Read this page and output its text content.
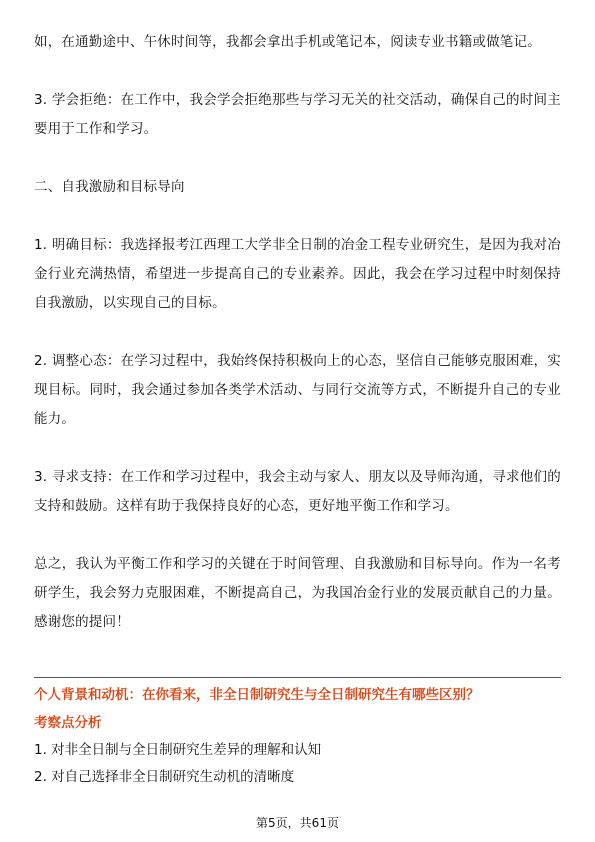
如，在通勤途中、午休时间等，我都会拿出手机或笔记本，阅读专业书籍或做笔记。

3. 学会拒绝：在工作中，我会学会拒绝那些与学习无关的社交活动，确保自己的时间主要用于工作和学习。

二、自我激励和目标导向

1. 明确目标：我选择报考江西理工大学非全日制的冶金工程专业研究生，是因为我对冶金行业充满热情，希望进一步提高自己的专业素养。因此，我会在学习过程中时刻保持自我激励，以实现自己的目标。

2. 调整心态：在学习过程中，我始终保持积极向上的心态，坚信自己能够克服困难，实现目标。同时，我会通过参加各类学术活动、与同行交流等方式，不断提升自己的专业能力。

3. 寻求支持：在工作和学习过程中，我会主动与家人、朋友以及导师沟通，寻求他们的支持和鼓励。这样有助于我保持良好的心态，更好地平衡工作和学习。

总之，我认为平衡工作和学习的关键在于时间管理、自我激励和目标导向。作为一名考研学生，我会努力克服困难，不断提高自己，为我国冶金行业的发展贡献自己的力量。感谢您的提问！

个人背景和动机：在你看来，非全日制研究生与全日制研究生有哪些区别？
考察点分析
1. 对非全日制与全日制研究生差异的理解和认知
2. 对自己选择非全日制研究生动机的清晰度
第5页，共61页
